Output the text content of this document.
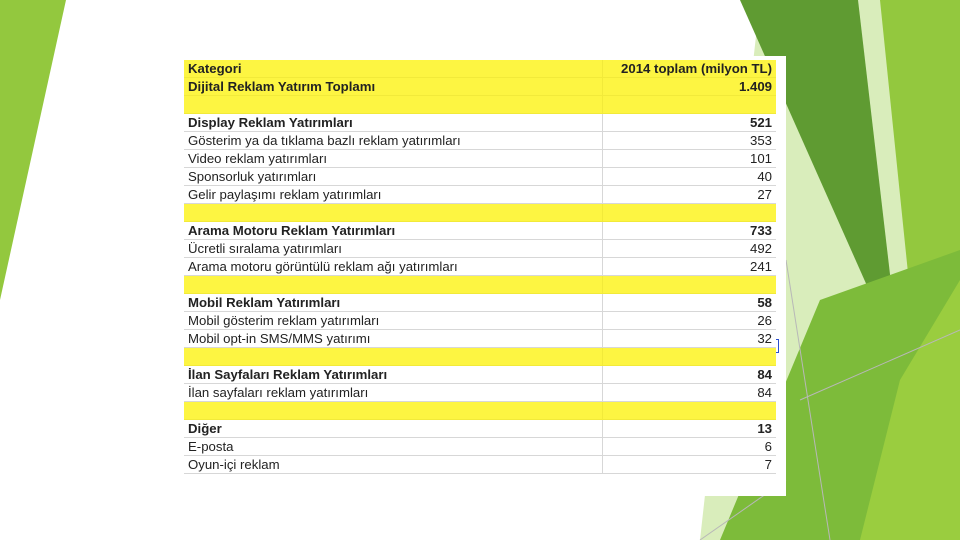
Kategori	2014 toplam (milyon TL)
Dijital Reklam Yatırım Toplamı	1.409

Display Reklam Yatırımları	521
Gösterim ya da tıklama bazlı reklam yatırımları	353
Video reklam yatırımları	101
Sponsorluk yatırımları	40
Gelir paylaşımı reklam yatırımları	27

Arama Motoru Reklam Yatırımları	733
Ücretli sıralama yatırımları	492
Arama motoru görüntülü reklam ağı yatırımları	241

Mobil Reklam Yatırımları	58
Mobil gösterim reklam yatırımları	26
Mobil opt-in SMS/MMS yatırımı	32

İlan Sayfaları Reklam Yatırımları	84
İlan sayfaları reklam yatırımları	84

Diğer	13
E-posta	6
Oyun-içi reklam	7
